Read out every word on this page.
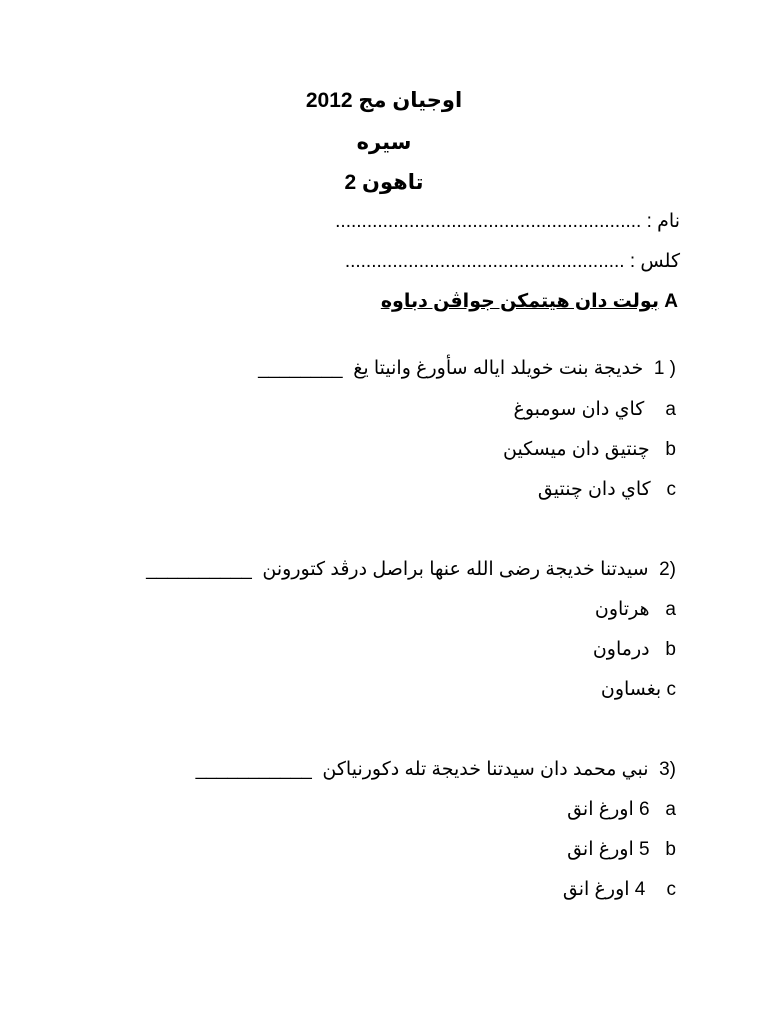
اوجيان مج 2012
سيره
تاهون 2
نام : ..........................................................
كلس : .....................................................
A بولت دان هيتمكن جواڤن دباوه
1 )  خديجة بنت خويلد اياله سأورغ وانيتا يغ  ________
a    كاي دان سومبوغ
b   چنتيق دان ميسكين
c   كاي دان چنتيق
2)  سيدتنا خديجة رضى الله عنها براصل درڤد كتورونن  __________
a   هرتاون
b   درماون
c بغساون
3)  نبي محمد دان سيدتنا خديجة تله دكورنياكن  ___________
a   6 اورغ انق
b   5 اورغ انق
c    4 اورغ انق
